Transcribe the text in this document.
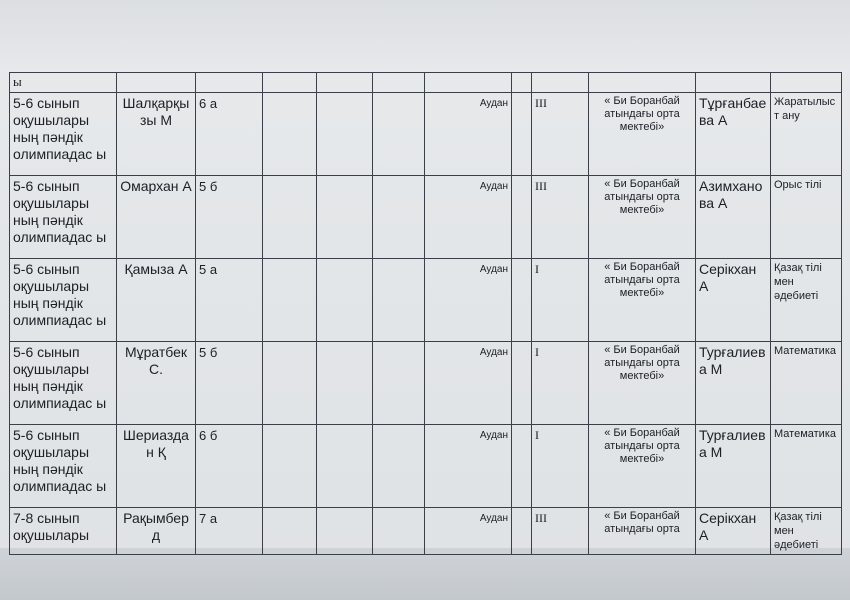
ы											
5-6 сынып оқушылары ның пәндік олимпиадас ы	Шалқарқы зы М	6 а				Аудан		III	« Би Боранбай атындағы орта мектебі»	Тұрғанбае ва А	Жаратылыст ану
5-6 сынып оқушылары ның пәндік олимпиадас ы	Омархан А	5 б				Аудан		III	« Би Боранбай атындағы орта мектебі»	Азимхано ва А	Орыс тілі
5-6 сынып оқушылары ның пәндік олимпиадас ы	Қамыза А	5 а				Аудан		I	« Би Боранбай атындағы орта мектебі»	Серікхан А	Қазақ тілі мен әдебиеті
5-6 сынып оқушылары ның пәндік олимпиадас ы	Мұратбек С.	5 б				Аудан		I	« Би Боранбай атындағы орта мектебі»	Турғалиев а М	Математика
5-6 сынып оқушылары ның пәндік олимпиадас ы	Шериазда н Қ	6 б				Аудан		I	« Би Боранбай атындағы орта мектебі»	Турғалиев а М	Математика
7-8 сынып оқушылары	Рақымберд	7 а				Аудан		III	« Би Боранбай атындағы орта	Серікхан А	Қазақ тілі мен әдебиеті
